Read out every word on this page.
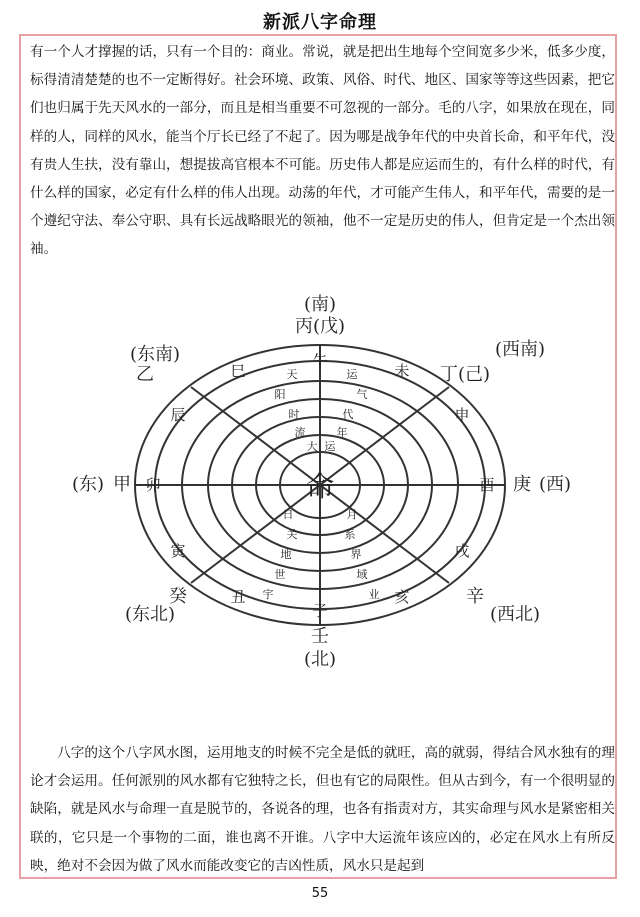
新派八字命理

有一个人才撑握的话，只有一个目的：商业。常说，就是把出生地每个空间宽多少米，低多少度，标得清清楚楚的也不一定断得好。社会环境、政策、风俗、时代、地区、国家等等这些因素，把它们也归属于先天风水的一部分，而且是相当重要不可忽视的一部分。毛的八字，如果放在现在，同样的人，同样的风水，能当个厅长已经了不起了。因为哪是战争年代的中央首长命，和平年代，没有贵人生扶，没有靠山，想提拔高官根本不可能。历史伟人都是应运而生的，有什么样的时代，有什么样的国家，必定有什么样的伟人出现。动荡的年代，才可能产生伟人，和平年代，需要的是一个遵纪守法、奉公守职、具有长远战略眼光的领袖，他不一定是历史的伟人，但肯定是一个杰出领袖。

(南)
丙(戊)
(北)
壬
(东) 甲	(西)
庚
(东南)
乙
(西南)
丁(己)
(东北)
癸
(西北)
辛
午
未
申
酉
戌
亥
子
丑
寅
卯
辰
巳	天	运
阳	气
时	代
流	年
大 运
日	月
关	系
地	界
世	域
宇	业
命

八字的这个八字风水图，运用地支的时候不完全是低的就旺，高的就弱，得结合风水独有的理论才会运用。任何派别的风水都有它独特之长，但也有它的局限性。但从古到今，有一个很明显的缺陷，就是风水与命理一直是脱节的，各说各的理，也各有指责对方，其实命理与风水是紧密相关联的，它只是一个事物的二面，谁也离不开谁。八字中大运流年该应凶的，必定在风水上有所反映，绝对不会因为做了风水而能改变它的吉凶性质，风水只是起到

55
